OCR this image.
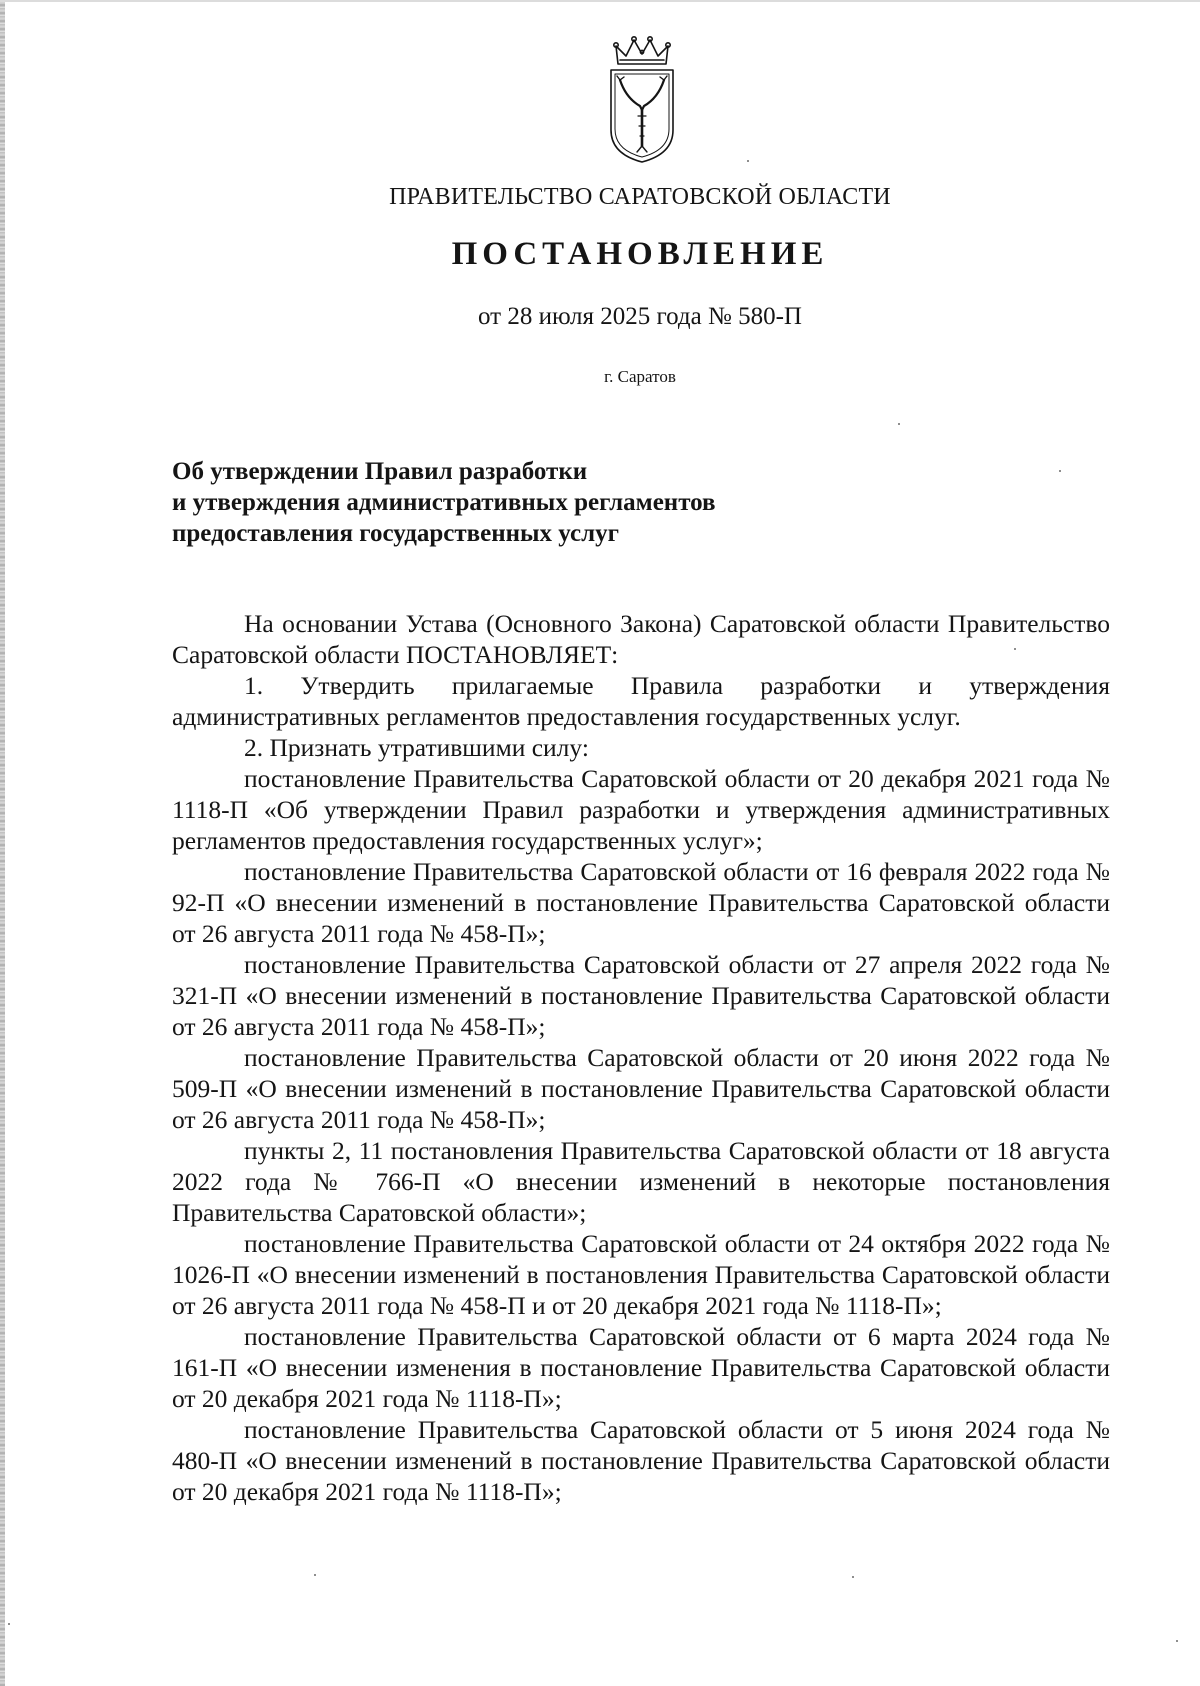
ПРАВИТЕЛЬСТВО САРАТОВСКОЙ ОБЛАСТИ
ПОСТАНОВЛЕНИЕ
от 28 июля 2025 года № 580-П
г. Саратов
Об утверждении Правил разработки
и утверждения административных регламентов
предоставления государственных услуг

На основании Устава (Основного Закона) Саратовской области Правительство Саратовской области ПОСТАНОВЛЯЕТ:

1. Утвердить прилагаемые Правила разработки и утверждения административных регламентов предоставления государственных услуг.

2. Признать утратившими силу:

постановление Правительства Саратовской области от 20 декабря 2021 года № 1118-П «Об утверждении Правил разработки и утверждения административных регламентов предоставления государственных услуг»;

постановление Правительства Саратовской области от 16 февраля 2022 года № 92-П «О внесении изменений в постановление Правительства Саратовской области от 26 августа 2011 года № 458-П»;

постановление Правительства Саратовской области от 27 апреля 2022 года № 321-П «О внесении изменений в постановление Правительства Саратовской области от 26 августа 2011 года № 458-П»;

постановление Правительства Саратовской области от 20 июня 2022 года № 509-П «О внесении изменений в постановление Правительства Саратовской области от 26 августа 2011 года № 458-П»;

пункты 2, 11 постановления Правительства Саратовской области от 18 августа 2022 года № 766-П «О внесении изменений в некоторые постановления Правительства Саратовской области»;

постановление Правительства Саратовской области от 24 октября 2022 года № 1026-П «О внесении изменений в постановления Правительства Саратовской области от 26 августа 2011 года № 458-П и от 20 декабря 2021 года № 1118-П»;

постановление Правительства Саратовской области от 6 марта 2024 года № 161-П «О внесении изменения в постановление Правительства Саратовской области от 20 декабря 2021 года № 1118-П»;

постановление Правительства Саратовской области от 5 июня 2024 года № 480-П «О внесении изменений в постановление Правительства Саратовской области от 20 декабря 2021 года № 1118-П»;
